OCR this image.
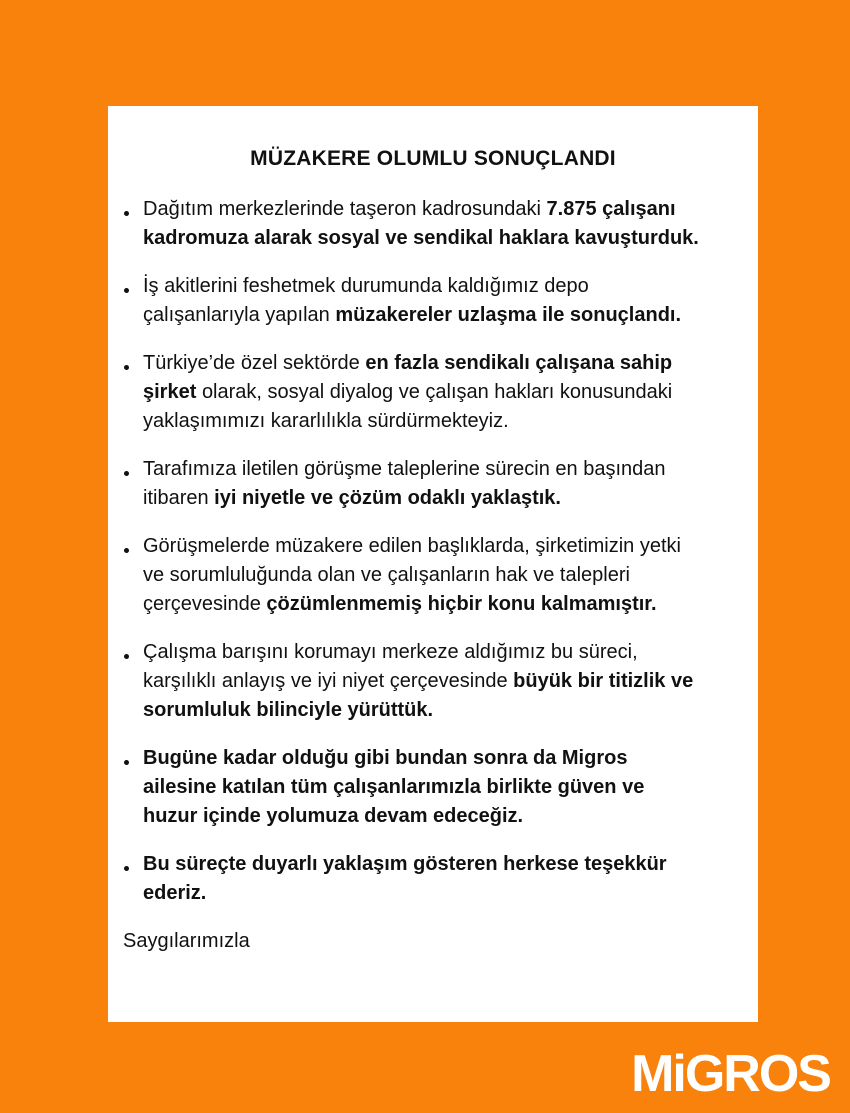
MÜZAKERE OLUMLU SONUÇLANDI
Dağıtım merkezlerinde taşeron kadrosundaki 7.875 çalışanı
kadromuza alarak sosyal ve sendikal haklara kavuşturduk.
İş akitlerini feshetmek durumunda kaldığımız depo
çalışanlarıyla yapılan müzakereler uzlaşma ile sonuçlandı.
Türkiye’de özel sektörde en fazla sendikalı çalışana sahip
şirket olarak, sosyal diyalog ve çalışan hakları konusundaki
yaklaşımımızı kararlılıkla sürdürmekteyiz.
Tarafımıza iletilen görüşme taleplerine sürecin en başından
itibaren iyi niyetle ve çözüm odaklı yaklaştık.
Görüşmelerde müzakere edilen başlıklarda, şirketimizin yetki
ve sorumluluğunda olan ve çalışanların hak ve talepleri
çerçevesinde çözümlenmemiş hiçbir konu kalmamıştır.
Çalışma barışını korumayı merkeze aldığımız bu süreci,
karşılıklı anlayış ve iyi niyet çerçevesinde büyük bir titizlik ve
sorumluluk bilinciyle yürüttük.
Bugüne kadar olduğu gibi bundan sonra da Migros
ailesine katılan tüm çalışanlarımızla birlikte güven ve
huzur içinde yolumuza devam edeceğiz.
Bu süreçte duyarlı yaklaşım gösteren herkese teşekkür
ederiz.
Saygılarımızla
MiGROS
